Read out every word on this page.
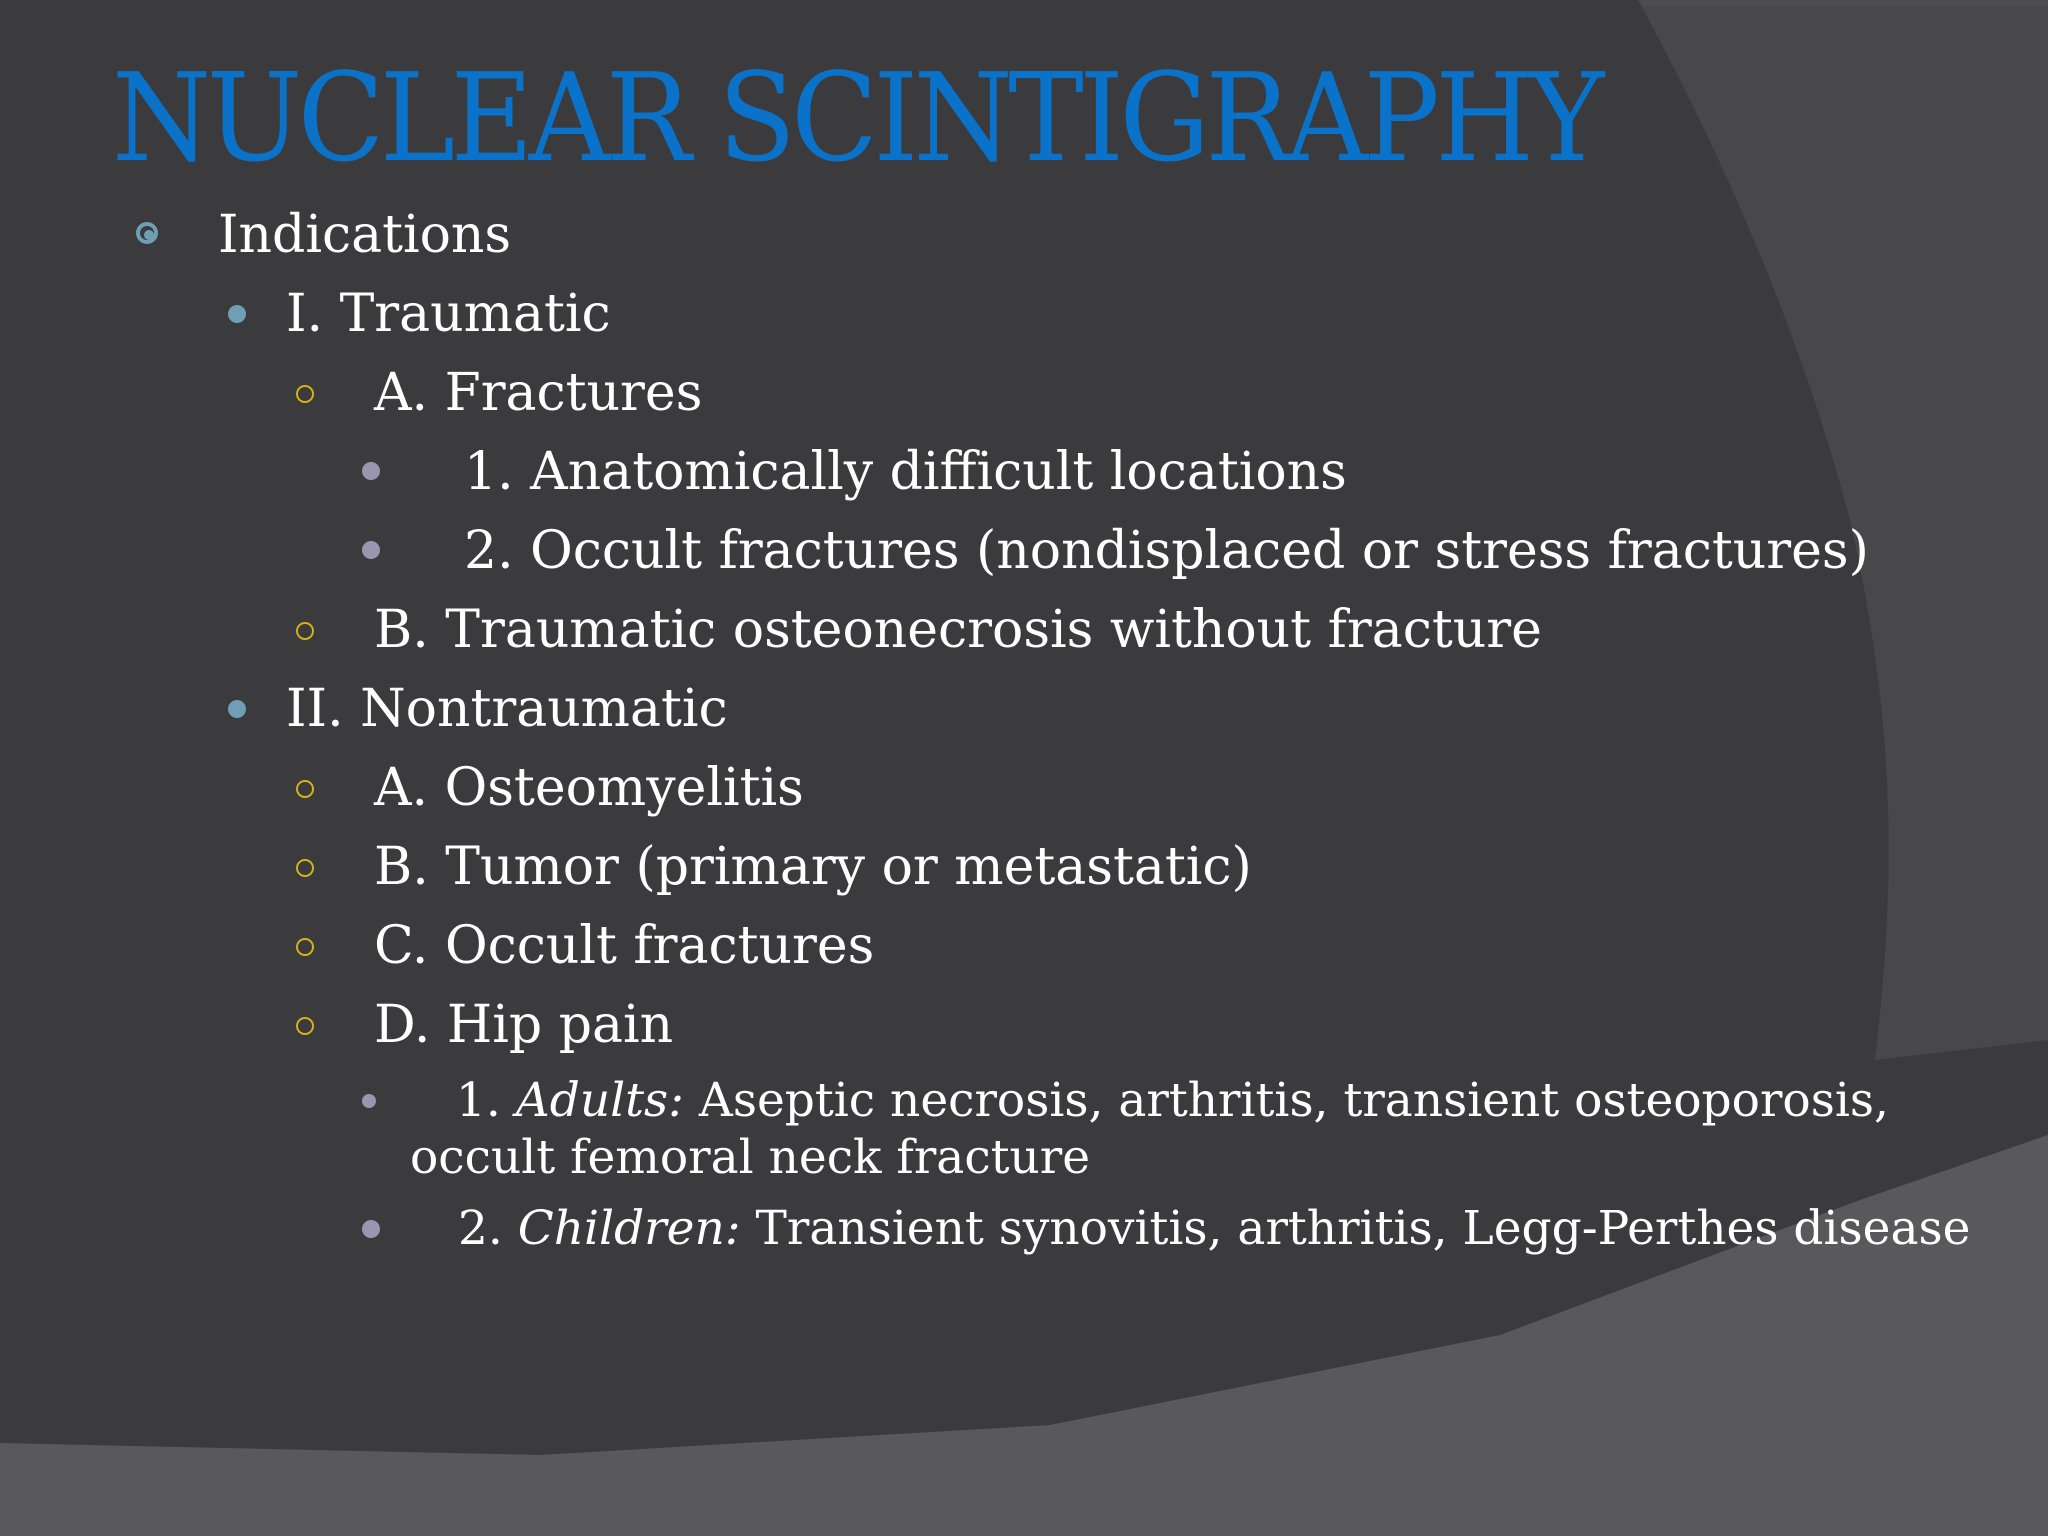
NUCLEAR SCINTIGRAPHY
Indications
I. Traumatic
A. Fractures
1. Anatomically difficult locations
2. Occult fractures (nondisplaced or stress fractures)
B. Traumatic osteonecrosis without fracture
II. Nontraumatic
A. Osteomyelitis
B. Tumor (primary or metastatic)
C. Occult fractures
D. Hip pain
1. Adults: Aseptic necrosis, arthritis, transient osteoporosis,
occult femoral neck fracture
2. Children: Transient synovitis, arthritis, Legg-Perthes disease
